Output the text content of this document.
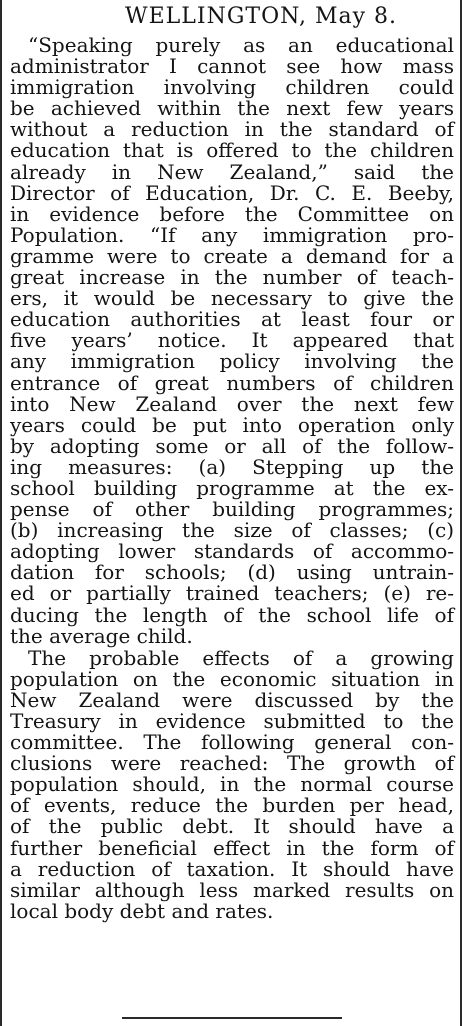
WELLINGTON, May 8.
“Speaking purely as an educational
administrator I cannot see how mass
immigration involving children could
be achieved within the next few years
without a reduction in the standard of
education that is offered to the children
already in New Zealand,” said the
Director of Education, Dr. C. E. Beeby,
in evidence before the Committee on
Population. “If any immigration pro-
gramme were to create a demand for a
great increase in the number of teach-
ers, it would be necessary to give the
education authorities at least four or
five years’ notice. It appeared that
any immigration policy involving the
entrance of great numbers of children
into New Zealand over the next few
years could be put into operation only
by adopting some or all of the follow-
ing measures: (a) Stepping up the
school building programme at the ex-
pense of other building programmes;
(b) increasing the size of classes; (c)
adopting lower standards of accommo-
dation for schools; (d) using untrain-
ed or partially trained teachers; (e) re-
ducing the length of the school life of
the average child.
The probable effects of a growing
population on the economic situation in
New Zealand were discussed by the
Treasury in evidence submitted to the
committee. The following general con-
clusions were reached: The growth of
population should, in the normal course
of events, reduce the burden per head,
of the public debt. It should have a
further beneficial effect in the form of
a reduction of taxation. It should have
similar although less marked results on
local body debt and rates.
